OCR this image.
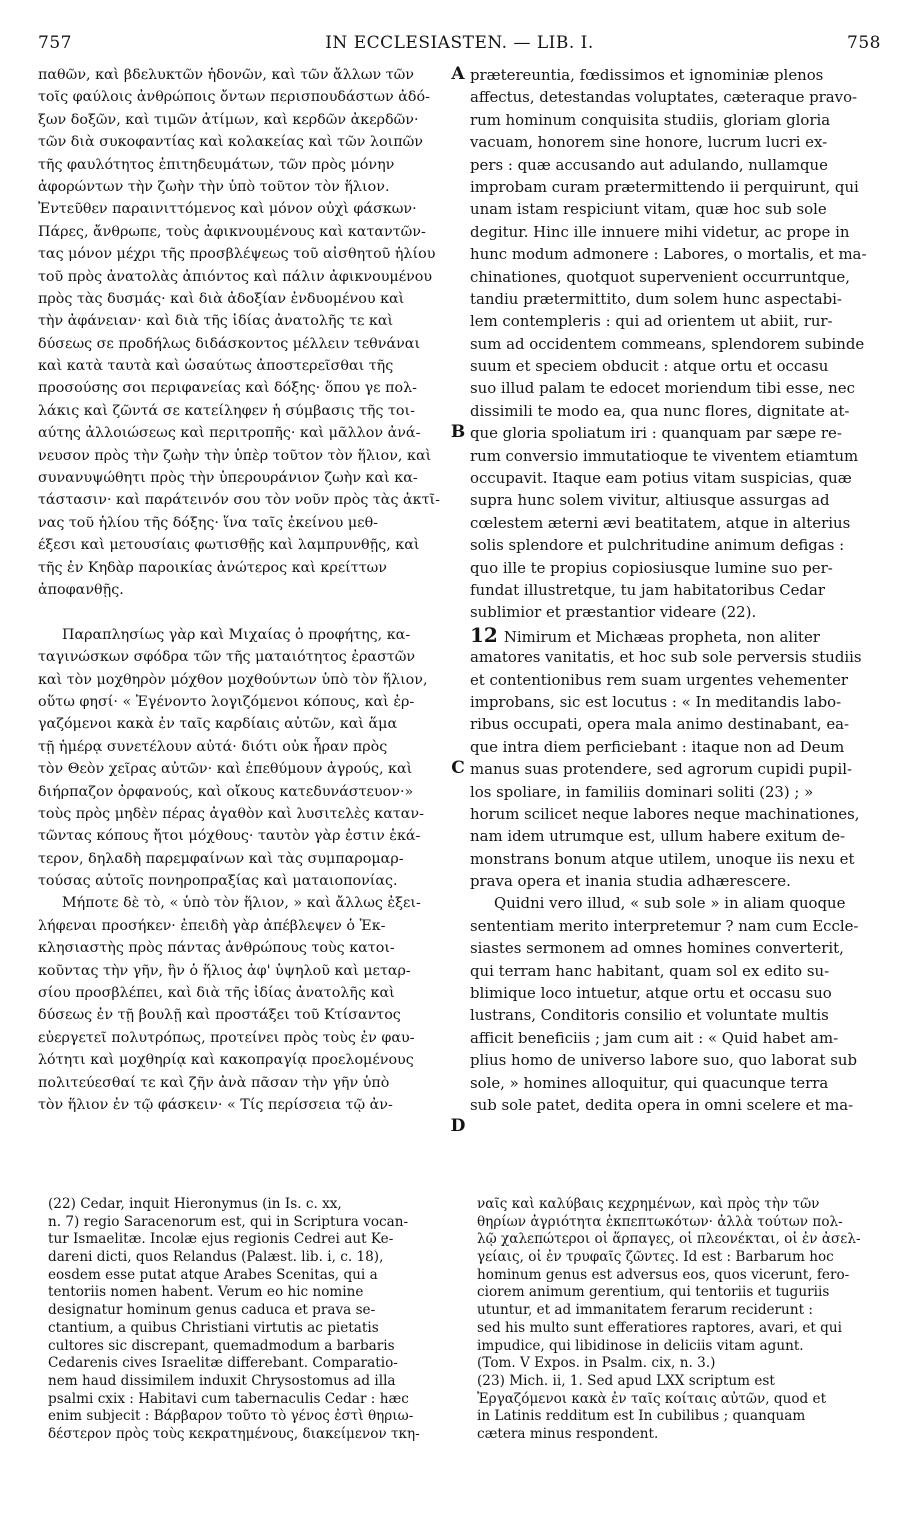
757	IN ECCLESIASTEN. — LIB. I.	758
παθῶν, καὶ βδελυκτῶν ἡδονῶν, καὶ τῶν ἄλλων τῶν
τοῖς φαύλοις ἀνθρώποις ὄντων περισπουδάστων ἀδό-
ξων δοξῶν, καὶ τιμῶν ἀτίμων, καὶ κερδῶν ἀκερδῶν·
τῶν διὰ συκοφαντίας καὶ κολακείας καὶ τῶν λοιπῶν
τῆς φαυλότητος ἐπιτηδευμάτων, τῶν πρὸς μόνην
ἀφορώντων τὴν ζωὴν τὴν ὑπὸ τοῦτον τὸν ἥλιον.
Ἐντεῦθεν παραινιττόμενος καὶ μόνον οὐχὶ φάσκων·
Πάρες, ἄνθρωπε, τοὺς ἀφικνουμένους καὶ καταντῶν-
τας μόνον μέχρι τῆς προσβλέψεως τοῦ αἰσθητοῦ ἡλίου
τοῦ πρὸς ἀνατολὰς ἀπιόντος καὶ πάλιν ἀφικνουμένου
πρὸς τὰς δυσμάς· καὶ διὰ ἀδοξίαν ἐνδυομένου καὶ
τὴν ἀφάνειαν· καὶ διὰ τῆς ἰδίας ἀνατολῆς τε καὶ
δύσεως σε προδήλως διδάσκοντος μέλλειν τεθνάναι
καὶ κατὰ ταυτὰ καὶ ὡσαύτως ἀποστερεῖσθαι τῆς
προσούσης σοι περιφανείας καὶ δόξης· ὅπου γε πολ-
λάκις καὶ ζῶντά σε κατείληφεν ἡ σύμβασις τῆς τοι-
αύτης ἀλλοιώσεως καὶ περιτροπῆς· καὶ μᾶλλον ἀνά-
νευσον πρὸς τὴν ζωὴν τὴν ὑπὲρ τοῦτον τὸν ἥλιον, καὶ
συνανυψώθητι πρὸς τὴν ὑπερουράνιον ζωὴν καὶ κα-
τάστασιν· καὶ παράτεινόν σου τὸν νοῦν πρὸς τὰς ἀκτῖ-
νας τοῦ ἡλίου τῆς δόξης· ἵνα ταῖς ἐκείνου μεθ-
έξεσι καὶ μετουσίαις φωτισθῇς καὶ λαμπρυνθῇς, καὶ
τῆς ἐν Κηδὰρ παροικίας ἀνώτερος καὶ κρείττων
ἀποφανθῇς.
Παραπλησίως γὰρ καὶ Μιχαίας ὁ προφήτης, κα-
ταγινώσκων σφόδρα τῶν τῆς ματαιότητος ἐραστῶν
καὶ τὸν μοχθηρὸν μόχθον μοχθούντων ὑπὸ τὸν ἥλιον,
οὕτω φησί· « Ἐγένοντο λογιζόμενοι κόπους, καὶ ἐρ-
γαζόμενοι κακὰ ἐν ταῖς καρδίαις αὐτῶν, καὶ ἅμα
τῇ ἡμέρᾳ συνετέλουν αὐτά· διότι οὐκ ἦραν πρὸς
τὸν Θεὸν χεῖρας αὐτῶν· καὶ ἐπεθύμουν ἀγρούς, καὶ
διήρπαζον ὀρφανούς, καὶ οἴκους κατεδυνάστευον·»
τοὺς πρὸς μηδὲν πέρας ἀγαθὸν καὶ λυσιτελὲς καταν-
τῶντας κόπους ἤτοι μόχθους· ταυτὸν γὰρ ἐστιν ἑκά-
τερον, δηλαδὴ παρεμφαίνων καὶ τὰς συμπαρομαρ-
τούσας αὐτοῖς πονηροπραξίας καὶ ματαιοπονίας.
Μήποτε δὲ τὸ, « ὑπὸ τὸν ἥλιον, » καὶ ἄλλως ἐξει-
λήφεναι προσήκεν· ἐπειδὴ γὰρ ἀπέβλεψεν ὁ Ἐκ-
κλησιαστὴς πρὸς πάντας ἀνθρώπους τοὺς κατοι-
κοῦντας τὴν γῆν, ἣν ὁ ἥλιος ἀφ' ὑψηλοῦ καὶ μεταρ-
σίου προσβλέπει, καὶ διὰ τῆς ἰδίας ἀνατολῆς καὶ
δύσεως ἐν τῇ βουλῇ καὶ προστάξει τοῦ Κτίσαντος
εὐεργετεῖ πολυτρόπως, προτείνει πρὸς τοὺς ἐν φαυ-
λότητι καὶ μοχθηρίᾳ καὶ κακοπραγίᾳ προελομένους
πολιτεύεσθαί τε καὶ ζῆν ἀνὰ πᾶσαν τὴν γῆν ὑπὸ
τὸν ἥλιον ἐν τῷ φάσκειν· « Τίς περίσσεια τῷ ἀν-
prætereuntia, fœdissimos et ignominiæ plenos
affectus, detestandas voluptates, cæteraque pravo-
rum hominum conquisita studiis, gloriam gloria
vacuam, honorem sine honore, lucrum lucri ex-
pers : quæ accusando aut adulando, nullamque
improbam curam prætermittendo ii perquirunt, qui
unam istam respiciunt vitam, quæ hoc sub sole
degitur. Hinc ille innuere mihi videtur, ac prope in
hunc modum admonere : Labores, o mortalis, et ma-
chinationes, quotquot supervenient occurruntque,
tandiu prætermittito, dum solem hunc aspectabi-
lem contempleris : qui ad orientem ut abiit, rur-
sum ad occidentem commeans, splendorem subinde
suum et speciem obducit : atque ortu et occasu
suo illud palam te edocet moriendum tibi esse, nec
dissimili te modo ea, qua nunc flores, dignitate at-
que gloria spoliatum iri : quanquam par sæpe re-
rum conversio immutatioque te viventem etiamtum
occupavit. Itaque eam potius vitam suspicias, quæ
supra hunc solem vivitur, altiusque assurgas ad
cœlestem æterni ævi beatitatem, atque in alterius
solis splendore et pulchritudine animum defigas :
quo ille te propius copiosiusque lumine suo per-
fundat illustretque, tu jam habitatoribus Cedar
sublimior et præstantior videare (22).
12 Nimirum et Michæas propheta, non aliter
amatores vanitatis, et hoc sub sole perversis studiis
et contentionibus rem suam urgentes vehementer
improbans, sic est locutus : « In meditandis labo-
ribus occupati, opera mala animo destinabant, ea-
que intra diem perficiebant : itaque non ad Deum
manus suas protendere, sed agrorum cupidi pupil-
los spoliare, in familiis dominari soliti (23) ; »
horum scilicet neque labores neque machinationes,
nam idem utrumque est, ullum habere exitum de-
monstrans bonum atque utilem, unoque iis nexu et
prava opera et inania studia adhærescere.
Quidni vero illud, « sub sole » in aliam quoque
sententiam merito interpretemur ? nam cum Eccle-
siastes sermonem ad omnes homines converterit,
qui terram hanc habitant, quam sol ex edito su-
blimique loco intuetur, atque ortu et occasu suo
lustrans, Conditoris consilio et voluntate multis
afficit beneficiis ; jam cum ait : « Quid habet am-
plius homo de universo labore suo, quo laborat sub
sole, » homines alloquitur, qui quacunque terra
sub sole patet, dedita opera in omni scelere et ma-
A
B
C
D
(22) Cedar, inquit Hieronymus (in Is. c. xx,
n. 7) regio Saracenorum est, qui in Scriptura vocan-
tur Ismaelitæ. Incolæ ejus regionis Cedrei aut Ke-
dareni dicti, quos Relandus (Palæst. lib. i, c. 18),
eosdem esse putat atque Arabes Scenitas, qui a
tentoriis nomen habent. Verum eo hic nomine
designatur hominum genus caduca et prava se-
ctantium, a quibus Christiani virtutis ac pietatis
cultores sic discrepant, quemadmodum a barbaris
Cedarenis cives Israelitæ differebant. Comparatio-
nem haud dissimilem induxit Chrysostomus ad illa
psalmi cxix : Habitavi cum tabernaculis Cedar : hæc
enim subjecit : Βάρβαρον τοῦτο τὸ γένος ἐστὶ θηριω-
δέστερον πρὸς τοὺς κεκρατημένους, διακείμενον τκη-
ναῖς καὶ καλύβαις κεχρημένων, καὶ πρὸς τὴν τῶν
θηρίων ἀγριότητα ἐκπεπτωκότων· ἀλλὰ τούτων πολ-
λῷ χαλεπώτεροι οἱ ἅρπαγες, οἱ πλεονέκται, οἱ ἐν ἀσελ-
γείαις, οἱ ἐν τρυφαῖς ζῶντες. Id est : Barbarum hoc
hominum genus est adversus eos, quos vicerunt, fero-
ciorem animum gerentium, qui tentoriis et tuguriis
utuntur, et ad immanitatem ferarum reciderunt :
sed his multo sunt efferatiores raptores, avari, et qui
impudice, qui libidinose in deliciis vitam agunt.
(Tom. V Expos. in Psalm. cix, n. 3.)
(23) Mich. ii, 1. Sed apud LXX scriptum est
Ἐργαζόμενοι κακὰ ἐν ταῖς κοίταις αὐτῶν, quod et
in Latinis redditum est In cubilibus ; quanquam
cætera minus respondent.
